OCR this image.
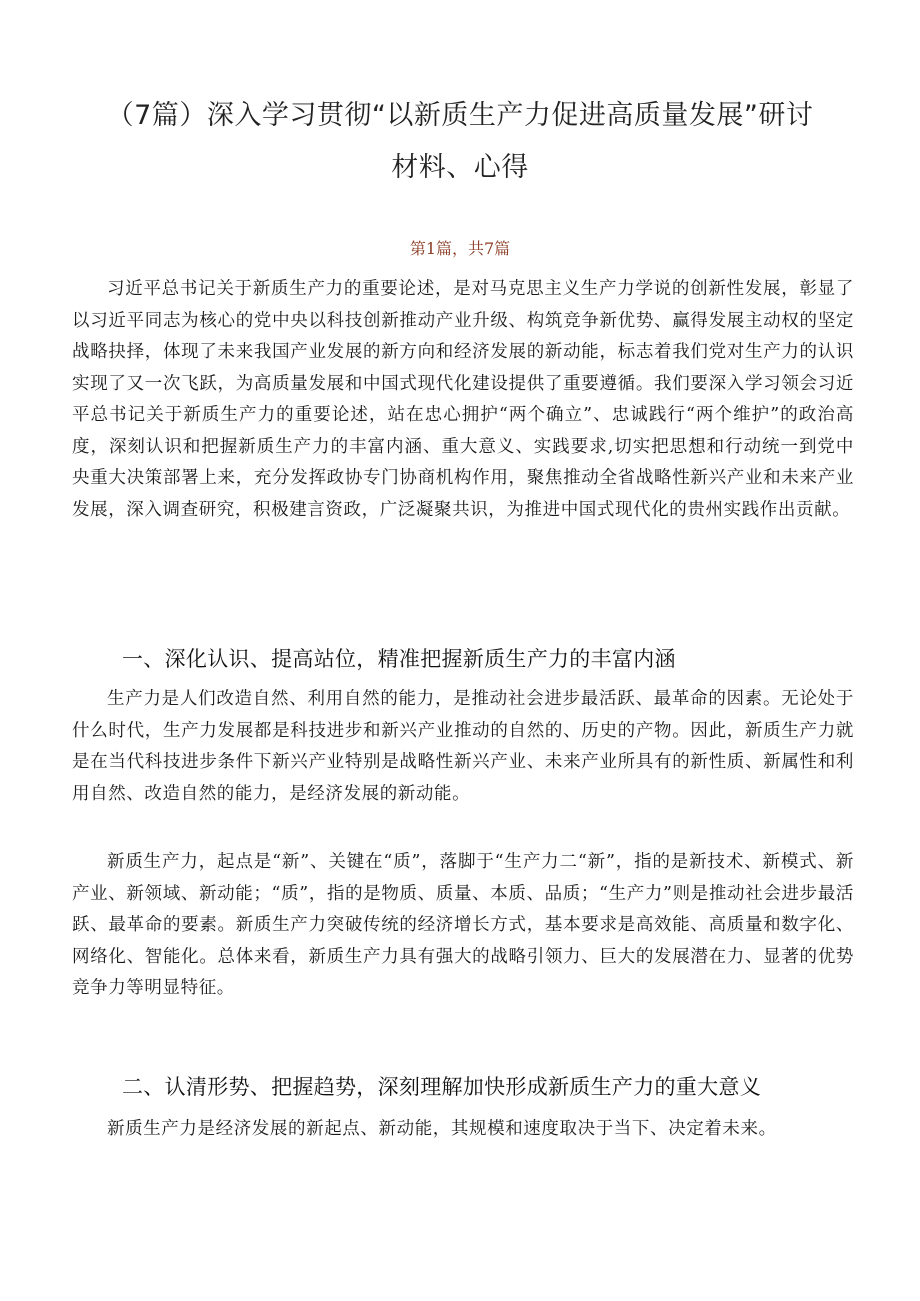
（7篇）深入学习贯彻“以新质生产力促进高质量发展”研讨
材料、心得
第1篇，共7篇

习近平总书记关于新质生产力的重要论述，是对马克思主义生产力学说的创新性发展，彰显了以习近平同志为核心的党中央以科技创新推动产业升级、构筑竞争新优势、赢得发展主动权的坚定战略抉择，体现了未来我国产业发展的新方向和经济发展的新动能，标志着我们党对生产力的认识实现了又一次飞跃，为高质量发展和中国式现代化建设提供了重要遵循。我们要深入学习领会习近平总书记关于新质生产力的重要论述，站在忠心拥护“两个确立”、忠诚践行“两个维护”的政治高度，深刻认识和把握新质生产力的丰富内涵、重大意义、实践要求,切实把思想和行动统一到党中央重大决策部署上来，充分发挥政协专门协商机构作用，聚焦推动全省战略性新兴产业和未来产业发展，深入调查研究，积极建言资政，广泛凝聚共识，为推进中国式现代化的贵州实践作出贡献。

一、深化认识、提高站位，精准把握新质生产力的丰富内涵

生产力是人们改造自然、利用自然的能力，是推动社会进步最活跃、最革命的因素。无论处于什么时代，生产力发展都是科技进步和新兴产业推动的自然的、历史的产物。因此，新质生产力就是在当代科技进步条件下新兴产业特别是战略性新兴产业、未来产业所具有的新性质、新属性和利用自然、改造自然的能力，是经济发展的新动能。

新质生产力，起点是“新”、关键在“质”，落脚于“生产力二“新”，指的是新技术、新模式、新产业、新领域、新动能；“质”，指的是物质、质量、本质、品质；“生产力”则是推动社会进步最活跃、最革命的要素。新质生产力突破传统的经济增长方式，基本要求是高效能、高质量和数字化、网络化、智能化。总体来看，新质生产力具有强大的战略引领力、巨大的发展潜在力、显著的优势竞争力等明显特征。

二、认清形势、把握趋势，深刻理解加快形成新质生产力的重大意义

新质生产力是经济发展的新起点、新动能，其规模和速度取决于当下、决定着未来。
